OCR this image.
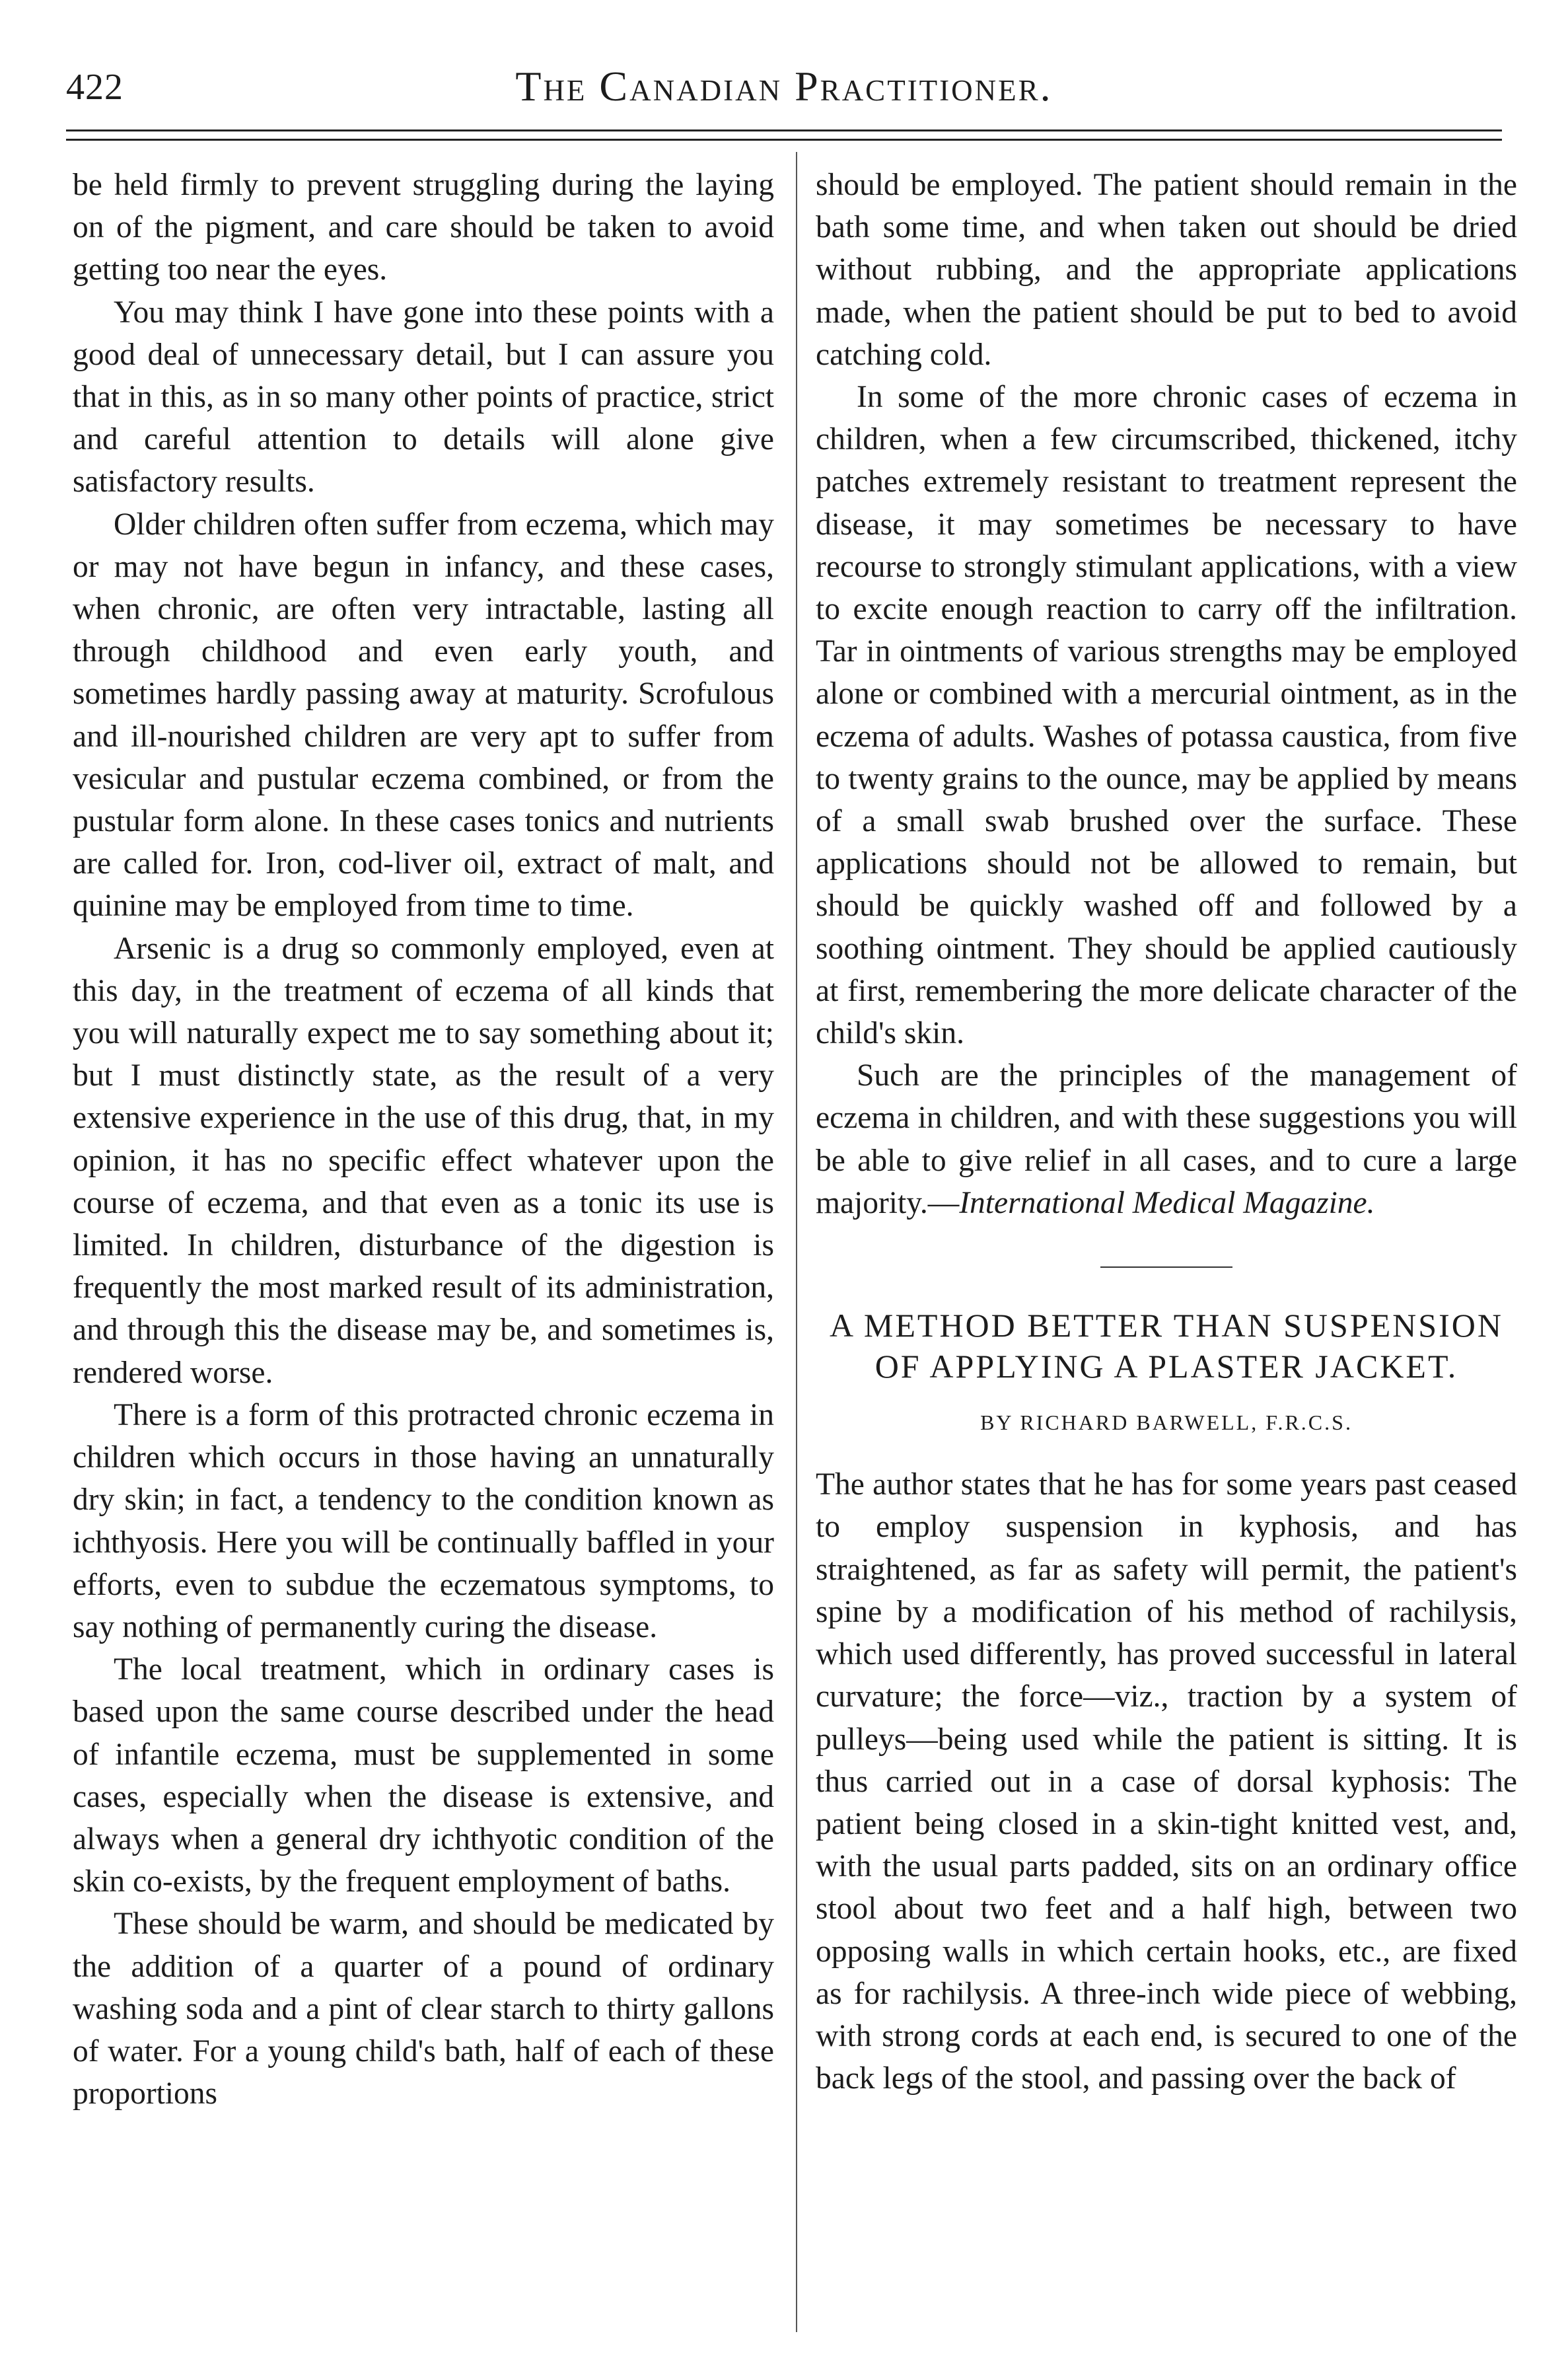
422	The Canadian Practitioner.

be held firmly to prevent struggling during the laying on of the pigment, and care should be taken to avoid getting too near the eyes.

You may think I have gone into these points with a good deal of unnecessary detail, but I can assure you that in this, as in so many other points of practice, strict and careful attention to details will alone give satisfactory results.

Older children often suffer from eczema, which may or may not have begun in infancy, and these cases, when chronic, are often very intractable, lasting all through childhood and even early youth, and sometimes hardly passing away at maturity. Scrofulous and ill-nourished children are very apt to suffer from vesicular and pustular eczema combined, or from the pustular form alone. In these cases tonics and nutrients are called for. Iron, cod-liver oil, extract of malt, and quinine may be employed from time to time.

Arsenic is a drug so commonly employed, even at this day, in the treatment of eczema of all kinds that you will naturally expect me to say something about it; but I must distinctly state, as the result of a very extensive experience in the use of this drug, that, in my opinion, it has no specific effect whatever upon the course of eczema, and that even as a tonic its use is limited. In children, disturbance of the digestion is frequently the most marked result of its administration, and through this the disease may be, and sometimes is, rendered worse.

There is a form of this protracted chronic eczema in children which occurs in those having an unnaturally dry skin; in fact, a tendency to the condition known as ichthyosis. Here you will be continually baffled in your efforts, even to subdue the eczematous symptoms, to say nothing of permanently curing the disease.

The local treatment, which in ordinary cases is based upon the same course described under the head of infantile eczema, must be supplemented in some cases, especially when the disease is extensive, and always when a general dry ichthyotic condition of the skin co-exists, by the frequent employment of baths.

These should be warm, and should be medicated by the addition of a quarter of a pound of ordinary washing soda and a pint of clear starch to thirty gallons of water. For a young child's bath, half of each of these proportions

should be employed. The patient should remain in the bath some time, and when taken out should be dried without rubbing, and the appropriate applications made, when the patient should be put to bed to avoid catching cold.

In some of the more chronic cases of eczema in children, when a few circumscribed, thickened, itchy patches extremely resistant to treatment represent the disease, it may sometimes be necessary to have recourse to strongly stimulant applications, with a view to excite enough reaction to carry off the infiltration. Tar in ointments of various strengths may be employed alone or combined with a mercurial ointment, as in the eczema of adults. Washes of potassa caustica, from five to twenty grains to the ounce, may be applied by means of a small swab brushed over the surface. These applications should not be allowed to remain, but should be quickly washed off and followed by a soothing ointment. They should be applied cautiously at first, remembering the more delicate character of the child's skin.

Such are the principles of the management of eczema in children, and with these suggestions you will be able to give relief in all cases, and to cure a large majority.—International Medical Magazine.

A METHOD BETTER THAN SUSPENSION OF APPLYING A PLASTER JACKET.
BY RICHARD BARWELL, F.R.C.S.

The author states that he has for some years past ceased to employ suspension in kyphosis, and has straightened, as far as safety will permit, the patient's spine by a modification of his method of rachilysis, which used differently, has proved successful in lateral curvature; the force—viz., traction by a system of pulleys—being used while the patient is sitting. It is thus carried out in a case of dorsal kyphosis: The patient being closed in a skin-tight knitted vest, and, with the usual parts padded, sits on an ordinary office stool about two feet and a half high, between two opposing walls in which certain hooks, etc., are fixed as for rachilysis. A three-inch wide piece of webbing, with strong cords at each end, is secured to one of the back legs of the stool, and passing over the back of
